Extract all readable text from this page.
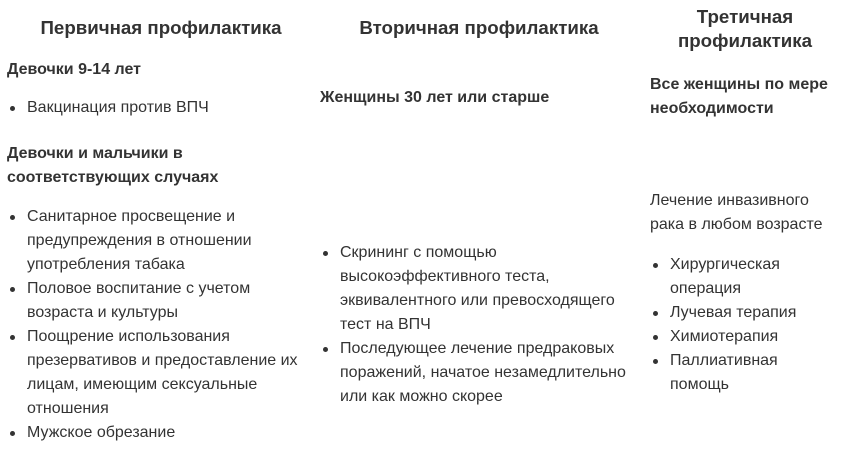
Первичная профилактика

Девочки 9-14 лет

Вакцинация против ВПЧ

Девочки и мальчики в соответствующих случаях

Санитарное просвещение и предупреждения в отношении употребления табака
Половое воспитание с учетом возраста и культуры
Поощрение использования презервативов и предоставление их лицам, имеющим сексуальные отношения
Мужское обрезание
Вторичная профилактика

Женщины 30 лет или старше

Скрининг с помощью высокоэффективного теста, эквивалентного или превосходящего тест на ВПЧ
Последующее лечение предраковых поражений, начатое незамедлительно или как можно скорее
Третичная профилактика

Все женщины по мере необходимости

Лечение инвазивного рака в любом возрасте

Хирургическая операция
Лучевая терапия
Химиотерапия
Паллиативная помощь
